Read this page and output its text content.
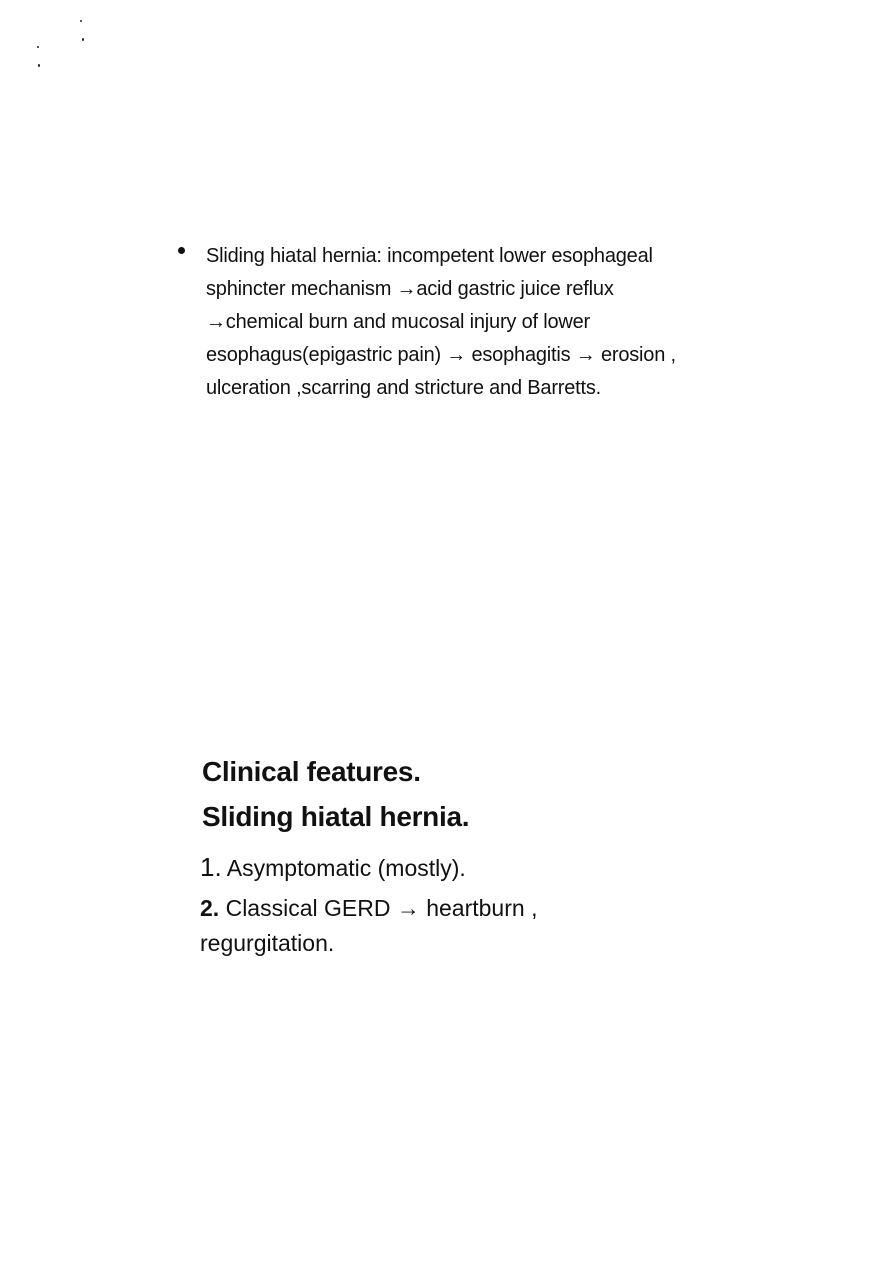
Sliding hiatal hernia: incompetent lower esophageal sphincter mechanism →acid gastric juice reflux →chemical burn and mucosal injury of lower esophagus(epigastric pain) → esophagitis → erosion , ulceration ,scarring and stricture and Barretts.
Clinical features.
Sliding hiatal hernia.
1. Asymptomatic (mostly).
2. Classical GERD → heartburn ,
regurgitation.
